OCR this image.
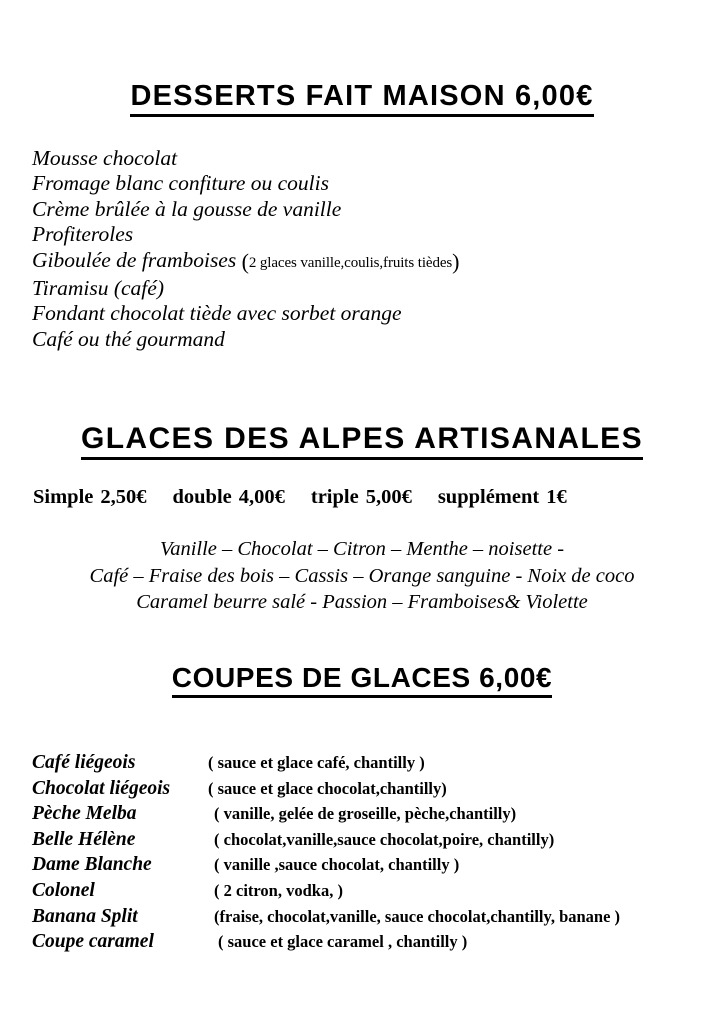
DESSERTS FAIT MAISON 6,00€
Mousse chocolat
Fromage blanc confiture ou coulis
Crème brûlée à la gousse de vanille
Profiteroles
Giboulée de framboises (2 glaces vanille,coulis,fruits tièdes)
Tiramisu (café)
Fondant chocolat tiède avec sorbet orange
Café ou thé gourmand
GLACES DES ALPES ARTISANALES
Simple 2,50€ double 4,00€ triple 5,00€ supplément 1€
Vanille – Chocolat – Citron – Menthe – noisette -
Café – Fraise des bois – Cassis – Orange sanguine - Noix de coco
Caramel beurre salé - Passion – Framboises& Violette
COUPES DE GLACES 6,00€
Café liégeois	( sauce et glace café, chantilly )
Chocolat liégeois ( sauce et glace chocolat,chantilly)
Pèche Melba	( vanille, gelée de groseille, pèche,chantilly)
Belle Hélène	( chocolat,vanille,sauce chocolat,poire, chantilly)
Dame Blanche	( vanille ,sauce chocolat, chantilly )
Colonel	( 2 citron, vodka, )
Banana Split	(fraise, chocolat,vanille, sauce chocolat,chantilly, banane )
Coupe caramel	( sauce et glace caramel , chantilly )
